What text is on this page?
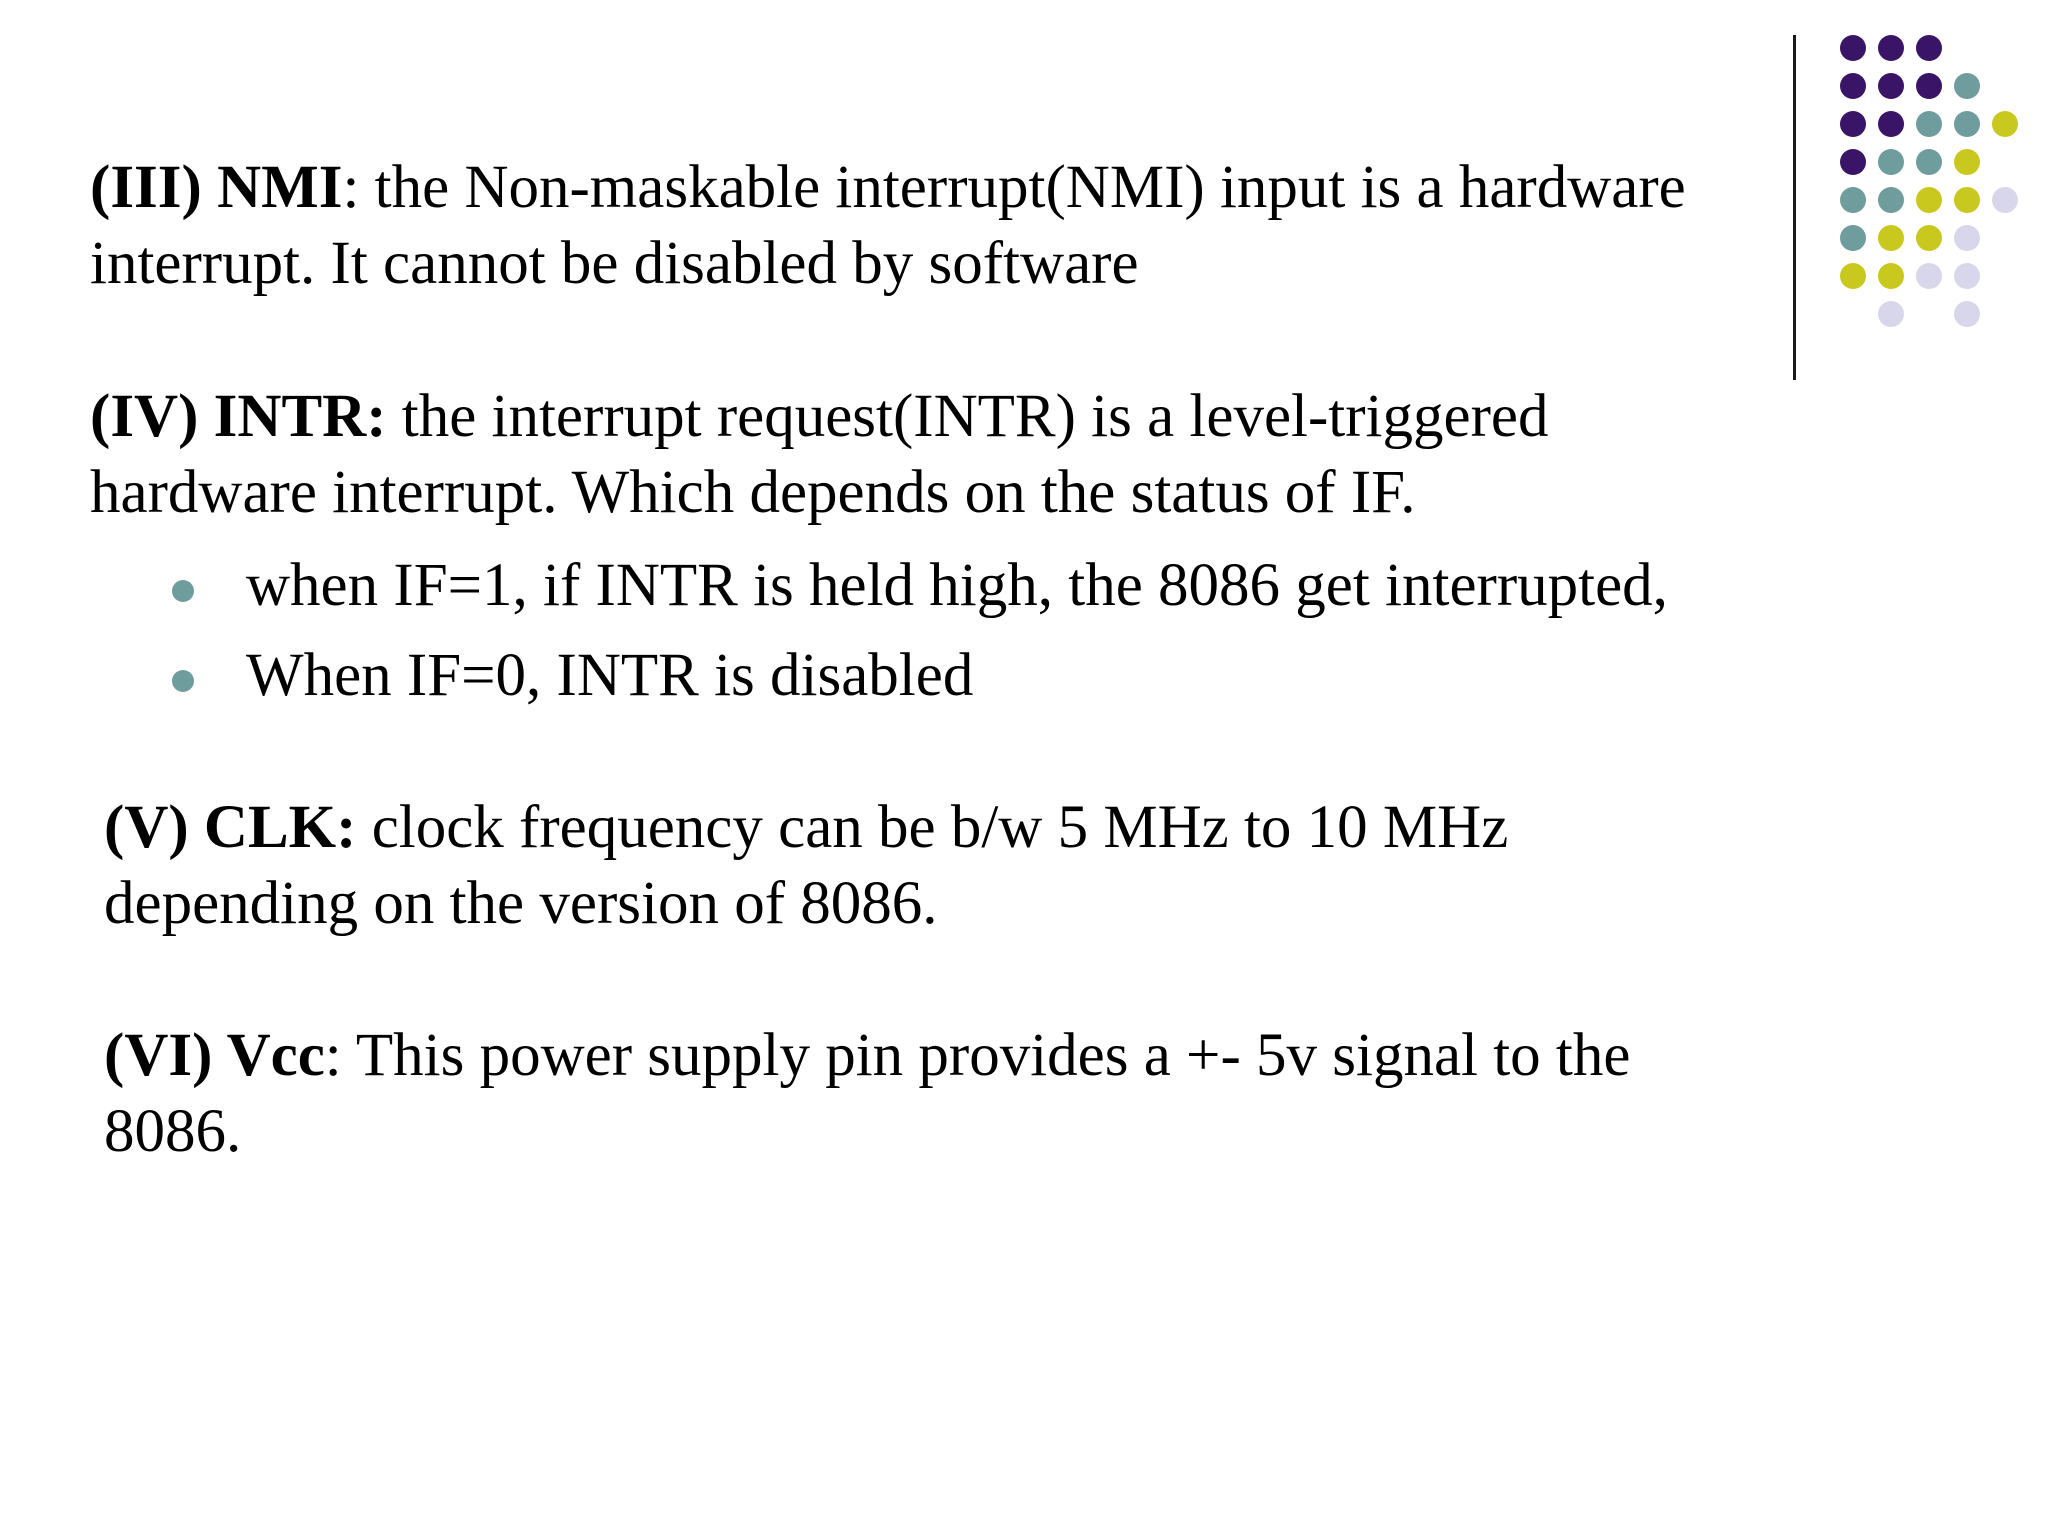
(III) NMI: the Non-maskable interrupt(NMI) input is a hardware
interrupt. It cannot be disabled by software

(IV) INTR: the interrupt request(INTR) is a level-triggered
hardware interrupt. Which depends on the status of IF.

when IF=1, if INTR is held high, the 8086 get interrupted,
When IF=0, INTR is disabled

(V) CLK: clock frequency can be b/w 5 MHz to 10 MHz
depending on the version of 8086.

(VI) Vcc: This power supply pin provides a +- 5v signal to the
8086.
